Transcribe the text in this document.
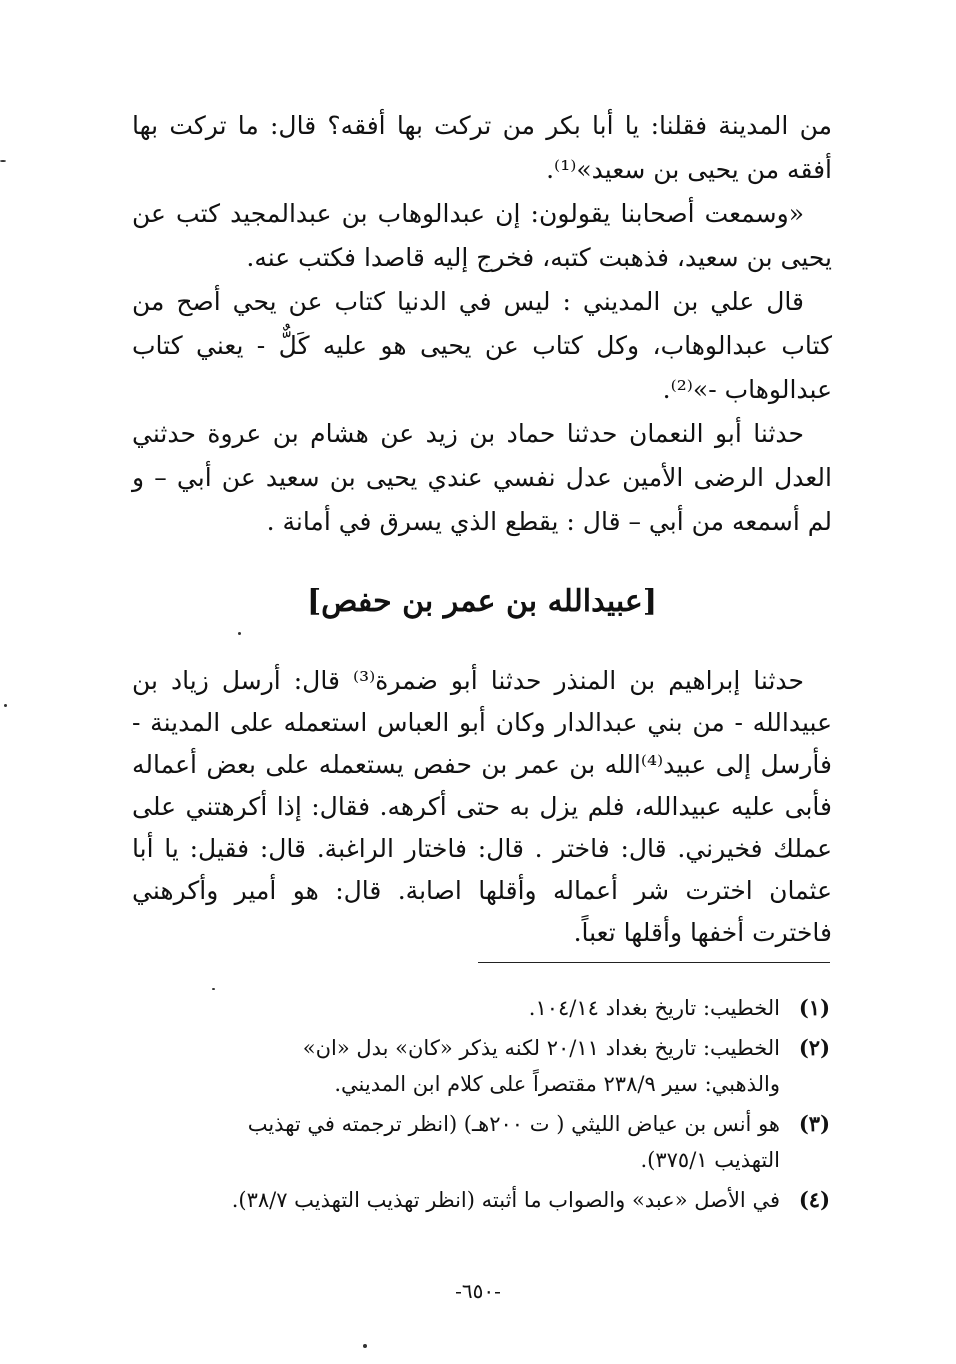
من المدينة فقلنا: يا أبا بكر من تركت بها أفقه؟ قال: ما تركت بها أفقه من يحيى بن سعيد»⁽¹⁾.

«وسمعت أصحابنا يقولون: إن عبدالوهاب بن عبدالمجيد كتب عن يحيى بن سعيد، فذهبت كتبه، فخرج إليه قاصدا فكتب عنه.

قال علي بن المديني : ليس في الدنيا كتاب عن يحي أصح من كتاب عبدالوهاب، وكل كتاب عن يحيى هو عليه كَلٌّ - يعني كتاب عبدالوهاب -»⁽²⁾.

حدثنا أبو النعمان حدثنا حماد بن زيد عن هشام بن عروة حدثني العدل الرضى الأمين عدل نفسي عندي يحيى بن سعيد عن أبي – و لم أسمعه من أبي – قال : يقطع الذي يسرق في أمانة .

[عبيدالله بن عمر بن حفص]

حدثنا إبراهيم بن المنذر حدثنا أبو ضمرة⁽³⁾ قال: أرسل زياد بن عبيدالله - من بني عبدالدار وكان أبو العباس استعمله على المدينة - فأرسل إلى عبيد⁽⁴⁾الله بن عمر بن حفص يستعمله على بعض أعماله فأبى عليه عبيدالله، فلم يزل به حتى أكرهه. فقال: إذا أكرهتني على عملك فخيرني. قال: فاختر . قال: فاختار الراغبة. قال: فقيل: يا أبا عثمان اخترت شر أعماله وأقلها اصابة. قال: هو أمير وأكرهني فاخترت أخفها وأقلها تعباً.

(١)
الخطيب: تاريخ بغداد ١٠٤/١٤.
(٢)
الخطيب: تاريخ بغداد ٢٠/١١ لكنه يذكر «كان» بدل «ان»
والذهبي: سير ٢٣٨/٩ مقتصراً على كلام ابن المديني.
(٣)
هو أنس بن عياض الليثي ( ت ٢٠٠هـ) (انظر ترجمته في تهذيب
التهذيب ٣٧٥/١).
(٤)
في الأصل «عبد» والصواب ما أثبته (انظر تهذيب التهذيب ٣٨/٧).
-٦٥٠-
